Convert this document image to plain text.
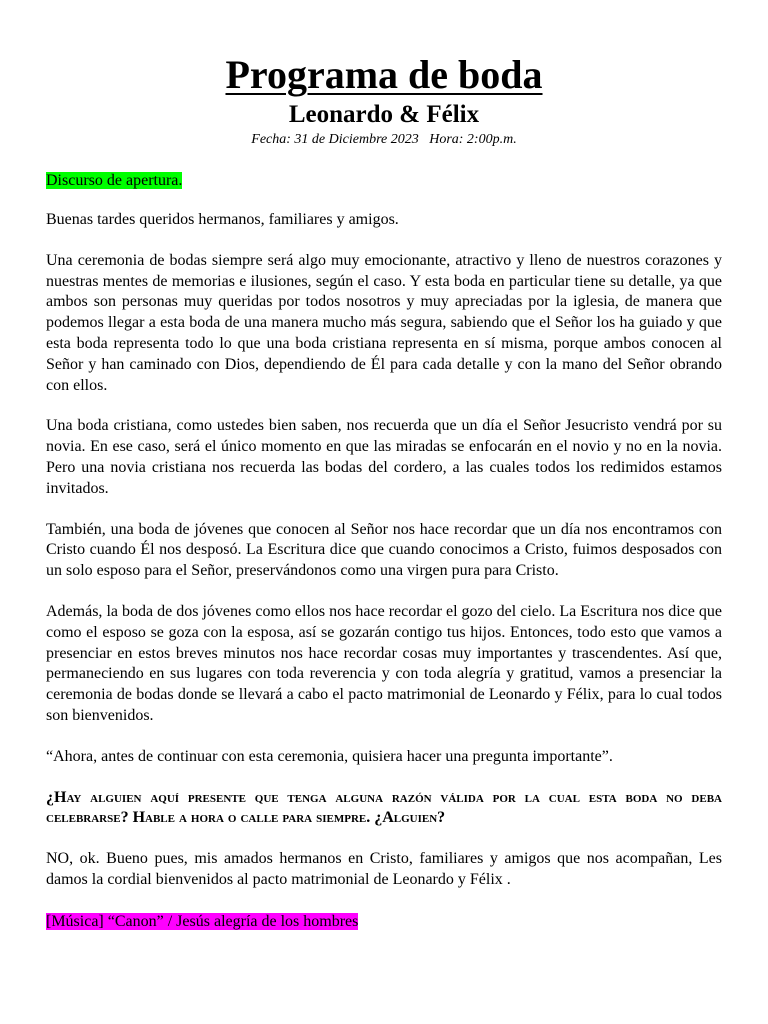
Programa de boda
Leonardo & Félix
Fecha: 31 de Diciembre 2023   Hora: 2:00p.m.
Discurso de apertura.

Buenas tardes queridos hermanos, familiares y amigos.

Una ceremonia de bodas siempre será algo muy emocionante, atractivo y lleno de nuestros corazones y nuestras mentes de memorias e ilusiones, según el caso. Y esta boda en particular tiene su detalle, ya que ambos son personas muy queridas por todos nosotros y muy apreciadas por la iglesia, de manera que podemos llegar a esta boda de una manera mucho más segura, sabiendo que el Señor los ha guiado y que esta boda representa todo lo que una boda cristiana representa en sí misma, porque ambos conocen al Señor y han caminado con Dios, dependiendo de Él para cada detalle y con la mano del Señor obrando con ellos.

Una boda cristiana, como ustedes bien saben, nos recuerda que un día el Señor Jesucristo vendrá por su novia. En ese caso, será el único momento en que las miradas se enfocarán en el novio y no en la novia. Pero una novia cristiana nos recuerda las bodas del cordero, a las cuales todos los redimidos estamos invitados.

También, una boda de jóvenes que conocen al Señor nos hace recordar que un día nos encontramos con Cristo cuando Él nos desposó. La Escritura dice que cuando conocimos a Cristo, fuimos desposados con un solo esposo para el Señor, preservándonos como una virgen pura para Cristo.

Además, la boda de dos jóvenes como ellos nos hace recordar el gozo del cielo. La Escritura nos dice que como el esposo se goza con la esposa, así se gozarán contigo tus hijos. Entonces, todo esto que vamos a presenciar en estos breves minutos nos hace recordar cosas muy importantes y trascendentes. Así que, permaneciendo en sus lugares con toda reverencia y con toda alegría y gratitud, vamos a presenciar la ceremonia de bodas donde se llevará a cabo el pacto matrimonial de Leonardo y Félix, para lo cual todos son bienvenidos.

“Ahora, antes de continuar con esta ceremonia, quisiera hacer una pregunta importante”.

¿Hay alguien aquí presente que tenga alguna razón válida por la cual esta boda no deba celebrarse? Hable a hora o calle para siempre. ¿Alguien?

NO, ok. Bueno pues, mis amados hermanos en Cristo, familiares y amigos que nos acompañan, Les damos la cordial bienvenidos al pacto matrimonial de Leonardo y Félix .

[Música] “Canon” / Jesús alegría de los hombres
